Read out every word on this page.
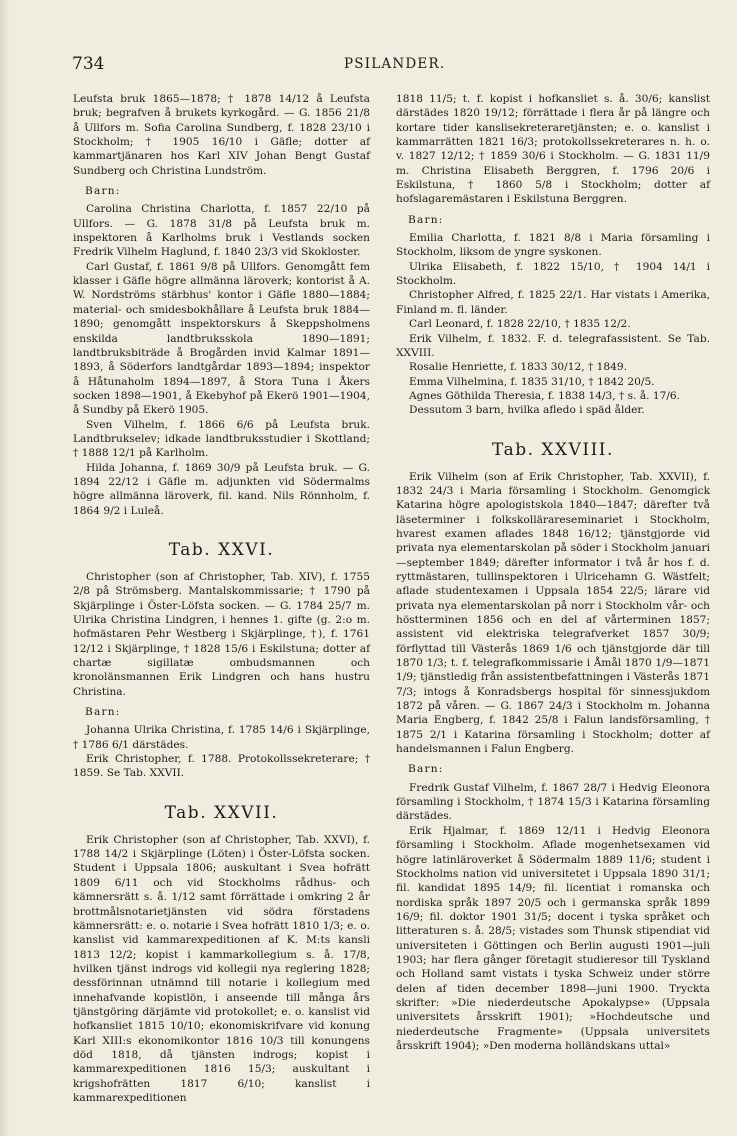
734	PSILANDER.

Leufsta bruk 1865—1878; † 1878 14/12 å Leufsta bruk; begrafven å brukets kyrkogård. — G. 1856 21/8 å Ullfors m. Sofia Carolina Sundberg, f. 1828 23/10 i Stockholm; † 1905 16/10 i Gäfle; dotter af kammartjänaren hos Karl XIV Johan Bengt Gustaf Sundberg och Christina Lundström.

Barn:

Carolina Christina Charlotta, f. 1857 22/10 på Ullfors. — G. 1878 31/8 på Leufsta bruk m. inspektoren å Karlholms bruk i Vestlands socken Fredrik Vilhelm Haglund, f. 1840 23/3 vid Skokloster.

Carl Gustaf, f. 1861 9/8 på Ullfors. Genomgått fem klasser i Gäfle högre allmänna läroverk; kontorist å A. W. Nordströms stärbhus' kontor i Gäfle 1880—1884; material- och smidesbokhållare å Leufsta bruk 1884—1890; genomgått inspektorskurs å Skeppsholmens enskilda landtbruksskola 1890—1891; landtbruksbiträde å Brogården invid Kalmar 1891—1893, å Söderfors landtgårdar 1893—1894; inspektor å Håtunaholm 1894—1897, å Stora Tuna i Åkers socken 1898—1901, å Ekebyhof på Ekerö 1901—1904, å Sundby på Ekerö 1905.

Sven Vilhelm, f. 1866 6/6 på Leufsta bruk. Landtbrukselev; idkade landtbruksstudier i Skottland; † 1888 12/1 på Karlholm.

Hilda Johanna, f. 1869 30/9 på Leufsta bruk. — G. 1894 22/12 i Gäfle m. adjunkten vid Södermalms högre allmänna läroverk, fil. kand. Nils Rönnholm, f. 1864 9/2 i Luleå.

Tab. XXVI.

Christopher (son af Christopher, Tab. XIV), f. 1755 2/8 på Strömsberg. Mantalskommissarie; † 1790 på Skjärplinge i Öster-Löfsta socken. — G. 1784 25/7 m. Ulrika Christina Lindgren, i hennes 1. gifte (g. 2:o m. hofmästaren Pehr Westberg i Skjärplinge, †), f. 1761 12/12 i Skjärplinge, † 1828 15/6 i Eskilstuna; dotter af chartæ sigillatæ ombudsmannen och kronolänsmannen Erik Lindgren och hans hustru Christina.

Barn:

Johanna Ulrika Christina, f. 1785 14/6 i Skjärplinge, † 1786 6/1 därstädes.

Erik Christopher, f. 1788. Protokollssekreterare; † 1859. Se Tab. XXVII.

Tab. XXVII.

Erik Christopher (son af Christopher, Tab. XXVI), f. 1788 14/2 i Skjärplinge (Löten) i Öster-Löfsta socken. Student i Uppsala 1806; auskultant i Svea hofrätt 1809 6/11 och vid Stockholms rådhus- och kämnersrätt s. å. 1/12 samt förrättade i omkring 2 år brottmålsnotarietjänsten vid södra förstadens kämnersrätt: e. o. notarie i Svea hofrätt 1810 1/3; e. o. kanslist vid kammarexpeditionen af K. M:ts kansli 1813 12/2; kopist i kammarkollegium s. å. 17/8, hvilken tjänst indrogs vid kollegii nya reglering 1828; dessförinnan utnämnd till notarie i kollegium med innehafvande kopistlön, i anseende till många års tjänstgöring därjämte vid protokollet; e. o. kanslist vid hofkansliet 1815 10/10; ekonomiskrifvare vid konung Karl XIII:s ekonomikontor 1816 10/3 till konungens död 1818, då tjänsten indrogs; kopist i kammarexpeditionen 1816 15/3; auskultant i krigshofrätten 1817 6/10; kanslist i kammarexpeditionen

1818 11/5; t. f. kopist i hofkansliet s. å. 30/6; kanslist därstädes 1820 19/12; förrättade i flera år på längre och kortare tider kanslisekreteraretjänsten; e. o. kanslist i kammarrätten 1821 16/3; protokollssekreterares n. h. o. v. 1827 12/12; † 1859 30/6 i Stockholm. — G. 1831 11/9 m. Christina Elisabeth Berggren, f. 1796 20/6 i Eskilstuna, † 1860 5/8 i Stockholm; dotter af hofslagaremästaren i Eskilstuna Berggren.

Barn:

Emilia Charlotta, f. 1821 8/8 i Maria församling i Stockholm, liksom de yngre syskonen.

Ulrika Elisabeth, f. 1822 15/10, † 1904 14/1 i Stockholm.

Christopher Alfred, f. 1825 22/1. Har vistats i Amerika, Finland m. fl. länder.

Carl Leonard, f. 1828 22/10, † 1835 12/2.

Erik Vilhelm, f. 1832. F. d. telegrafassistent. Se Tab. XXVIII.

Rosalie Henriette, f. 1833 30/12, † 1849.

Emma Vilhelmina, f. 1835 31/10, † 1842 20/5.

Agnes Göthilda Theresia, f. 1838 14/3, † s. å. 17/6.

Dessutom 3 barn, hvilka afledo i späd ålder.

Tab. XXVIII.

Erik Vilhelm (son af Erik Christopher, Tab. XXVII), f. 1832 24/3 i Maria församling i Stockholm. Genomgick Katarina högre apologistskola 1840—1847; därefter två läseterminer i folkskollärareseminariet i Stockholm, hvarest examen aflades 1848 16/12; tjänstgjorde vid privata nya elementarskolan på söder i Stockholm januari—september 1849; därefter informator i två år hos f. d. ryttmästaren, tullinspektoren i Ulricehamn G. Wästfelt; aflade studentexamen i Uppsala 1854 22/5; lärare vid privata nya elementarskolan på norr i Stockholm vår- och höstterminen 1856 och en del af vårterminen 1857; assistent vid elektriska telegrafverket 1857 30/9; förflyttad till Västerås 1869 1/6 och tjänstgjorde där till 1870 1/3; t. f. telegrafkommissarie i Åmål 1870 1/9—1871 1/9; tjänstledig från assistentbefattningen i Västerås 1871 7/3; intogs å Konradsbergs hospital för sinnessjukdom 1872 på våren. — G. 1867 24/3 i Stockholm m. Johanna Maria Engberg, f. 1842 25/8 i Falun landsförsamling, † 1875 2/1 i Katarina församling i Stockholm; dotter af handelsmannen i Falun Engberg.

Barn:

Fredrik Gustaf Vilhelm, f. 1867 28/7 i Hedvig Eleonora församling i Stockholm, † 1874 15/3 i Katarina församling därstädes.

Erik Hjalmar, f. 1869 12/11 i Hedvig Eleonora församling i Stockholm. Aflade mogenhetsexamen vid högre latinläroverket å Södermalm 1889 11/6; student i Stockholms nation vid universitetet i Uppsala 1890 31/1; fil. kandidat 1895 14/9; fil. licentiat i romanska och nordiska språk 1897 20/5 och i germanska språk 1899 16/9; fil. doktor 1901 31/5; docent i tyska språket och litteraturen s. å. 28/5; vistades som Thunsk stipendiat vid universiteten i Göttingen och Berlin augusti 1901—juli 1903; har flera gånger företagit studieresor till Tyskland och Holland samt vistats i tyska Schweiz under större delen af tiden december 1898—juni 1900. Tryckta skrifter: »Die niederdeutsche Apokalypse» (Uppsala universitets årsskrift 1901); »Hochdeutsche und niederdeutsche Fragmente» (Uppsala universitets årsskrift 1904); »Den moderna holländskans uttal»
